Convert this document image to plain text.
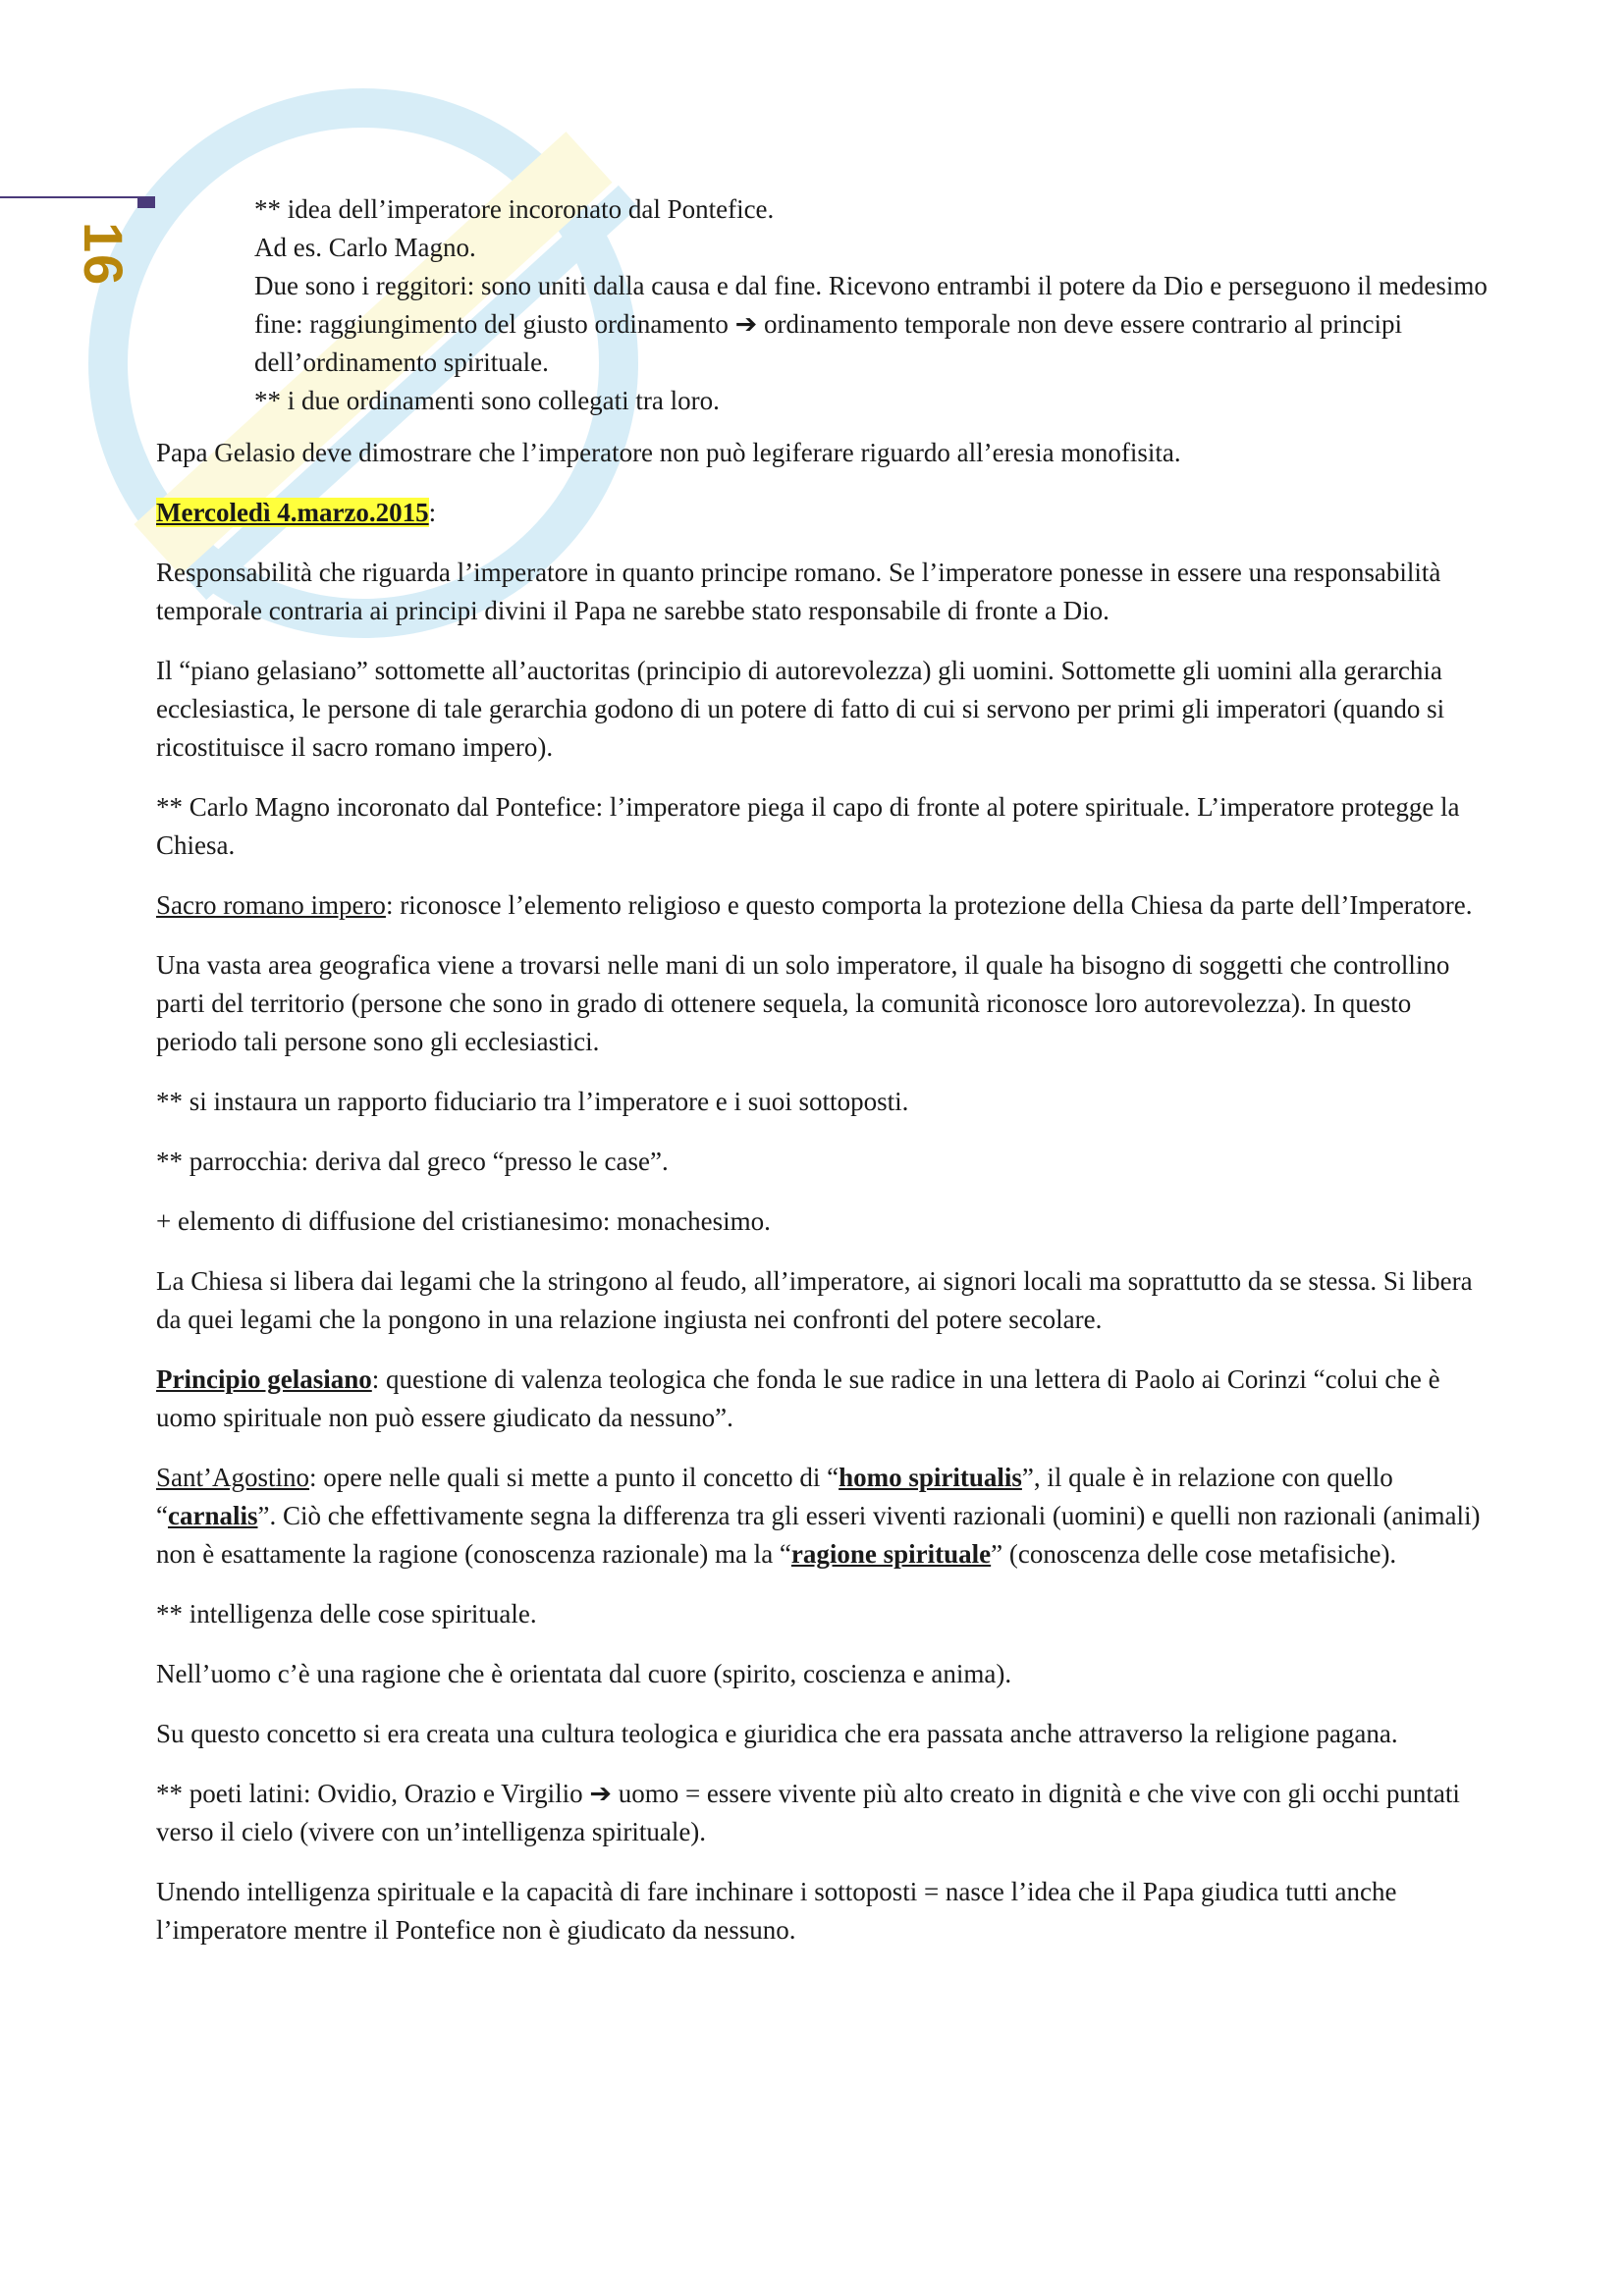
16
** idea dell’imperatore incoronato dal Pontefice.
Ad es. Carlo Magno.
Due sono i reggitori: sono uniti dalla causa e dal fine. Ricevono entrambi il potere da Dio e perseguono il medesimo fine: raggiungimento del giusto ordinamento ➔ ordinamento temporale non deve essere contrario al principi dell’ordinamento spirituale.
** i due ordinamenti sono collegati tra loro.

Papa Gelasio deve dimostrare che l’imperatore non può legiferare riguardo all’eresia monofisita.

Mercoledì 4.marzo.2015:

Responsabilità che riguarda l’imperatore in quanto principe romano. Se l’imperatore ponesse in essere una responsabilità temporale contraria ai principi divini il Papa ne sarebbe stato responsabile di fronte a Dio.

Il “piano gelasiano” sottomette all’auctoritas (principio di autorevolezza) gli uomini. Sottomette gli uomini alla gerarchia ecclesiastica, le persone di tale gerarchia godono di un potere di fatto di cui si servono per primi gli imperatori (quando si ricostituisce il sacro romano impero).

** Carlo Magno incoronato dal Pontefice: l’imperatore piega il capo di fronte al potere spirituale. L’imperatore protegge la Chiesa.

Sacro romano impero: riconosce l’elemento religioso e questo comporta la protezione della Chiesa da parte dell’Imperatore.

Una vasta area geografica viene a trovarsi nelle mani di un solo imperatore, il quale ha bisogno di soggetti che controllino parti del territorio (persone che sono in grado di ottenere sequela, la comunità riconosce loro autorevolezza). In questo periodo tali persone sono gli ecclesiastici.

** si instaura un rapporto fiduciario tra l’imperatore e i suoi sottoposti.

** parrocchia: deriva dal greco “presso le case”.

+ elemento di diffusione del cristianesimo: monachesimo.

La Chiesa si libera dai legami che la stringono al feudo, all’imperatore, ai signori locali ma soprattutto da se stessa. Si libera da quei legami che la pongono in una relazione ingiusta nei confronti del potere secolare.

Principio gelasiano: questione di valenza teologica che fonda le sue radice in una lettera di Paolo ai Corinzi “colui che è uomo spirituale non può essere giudicato da nessuno”.

Sant’Agostino: opere nelle quali si mette a punto il concetto di “homo spiritualis”, il quale è in relazione con quello “carnalis”. Ciò che effettivamente segna la differenza tra gli esseri viventi razionali (uomini) e quelli non razionali (animali) non è esattamente la ragione (conoscenza razionale) ma la “ragione spirituale” (conoscenza delle cose metafisiche).

** intelligenza delle cose spirituale.

Nell’uomo c’è una ragione che è orientata dal cuore (spirito, coscienza e anima).

Su questo concetto si era creata una cultura teologica e giuridica che era passata anche attraverso la religione pagana.

** poeti latini: Ovidio, Orazio e Virgilio ➔ uomo = essere vivente più alto creato in dignità e che vive con gli occhi puntati verso il cielo (vivere con un’intelligenza spirituale).

Unendo intelligenza spirituale e la capacità di fare inchinare i sottoposti = nasce l’idea che il Papa giudica tutti anche l’imperatore mentre il Pontefice non è giudicato da nessuno.
